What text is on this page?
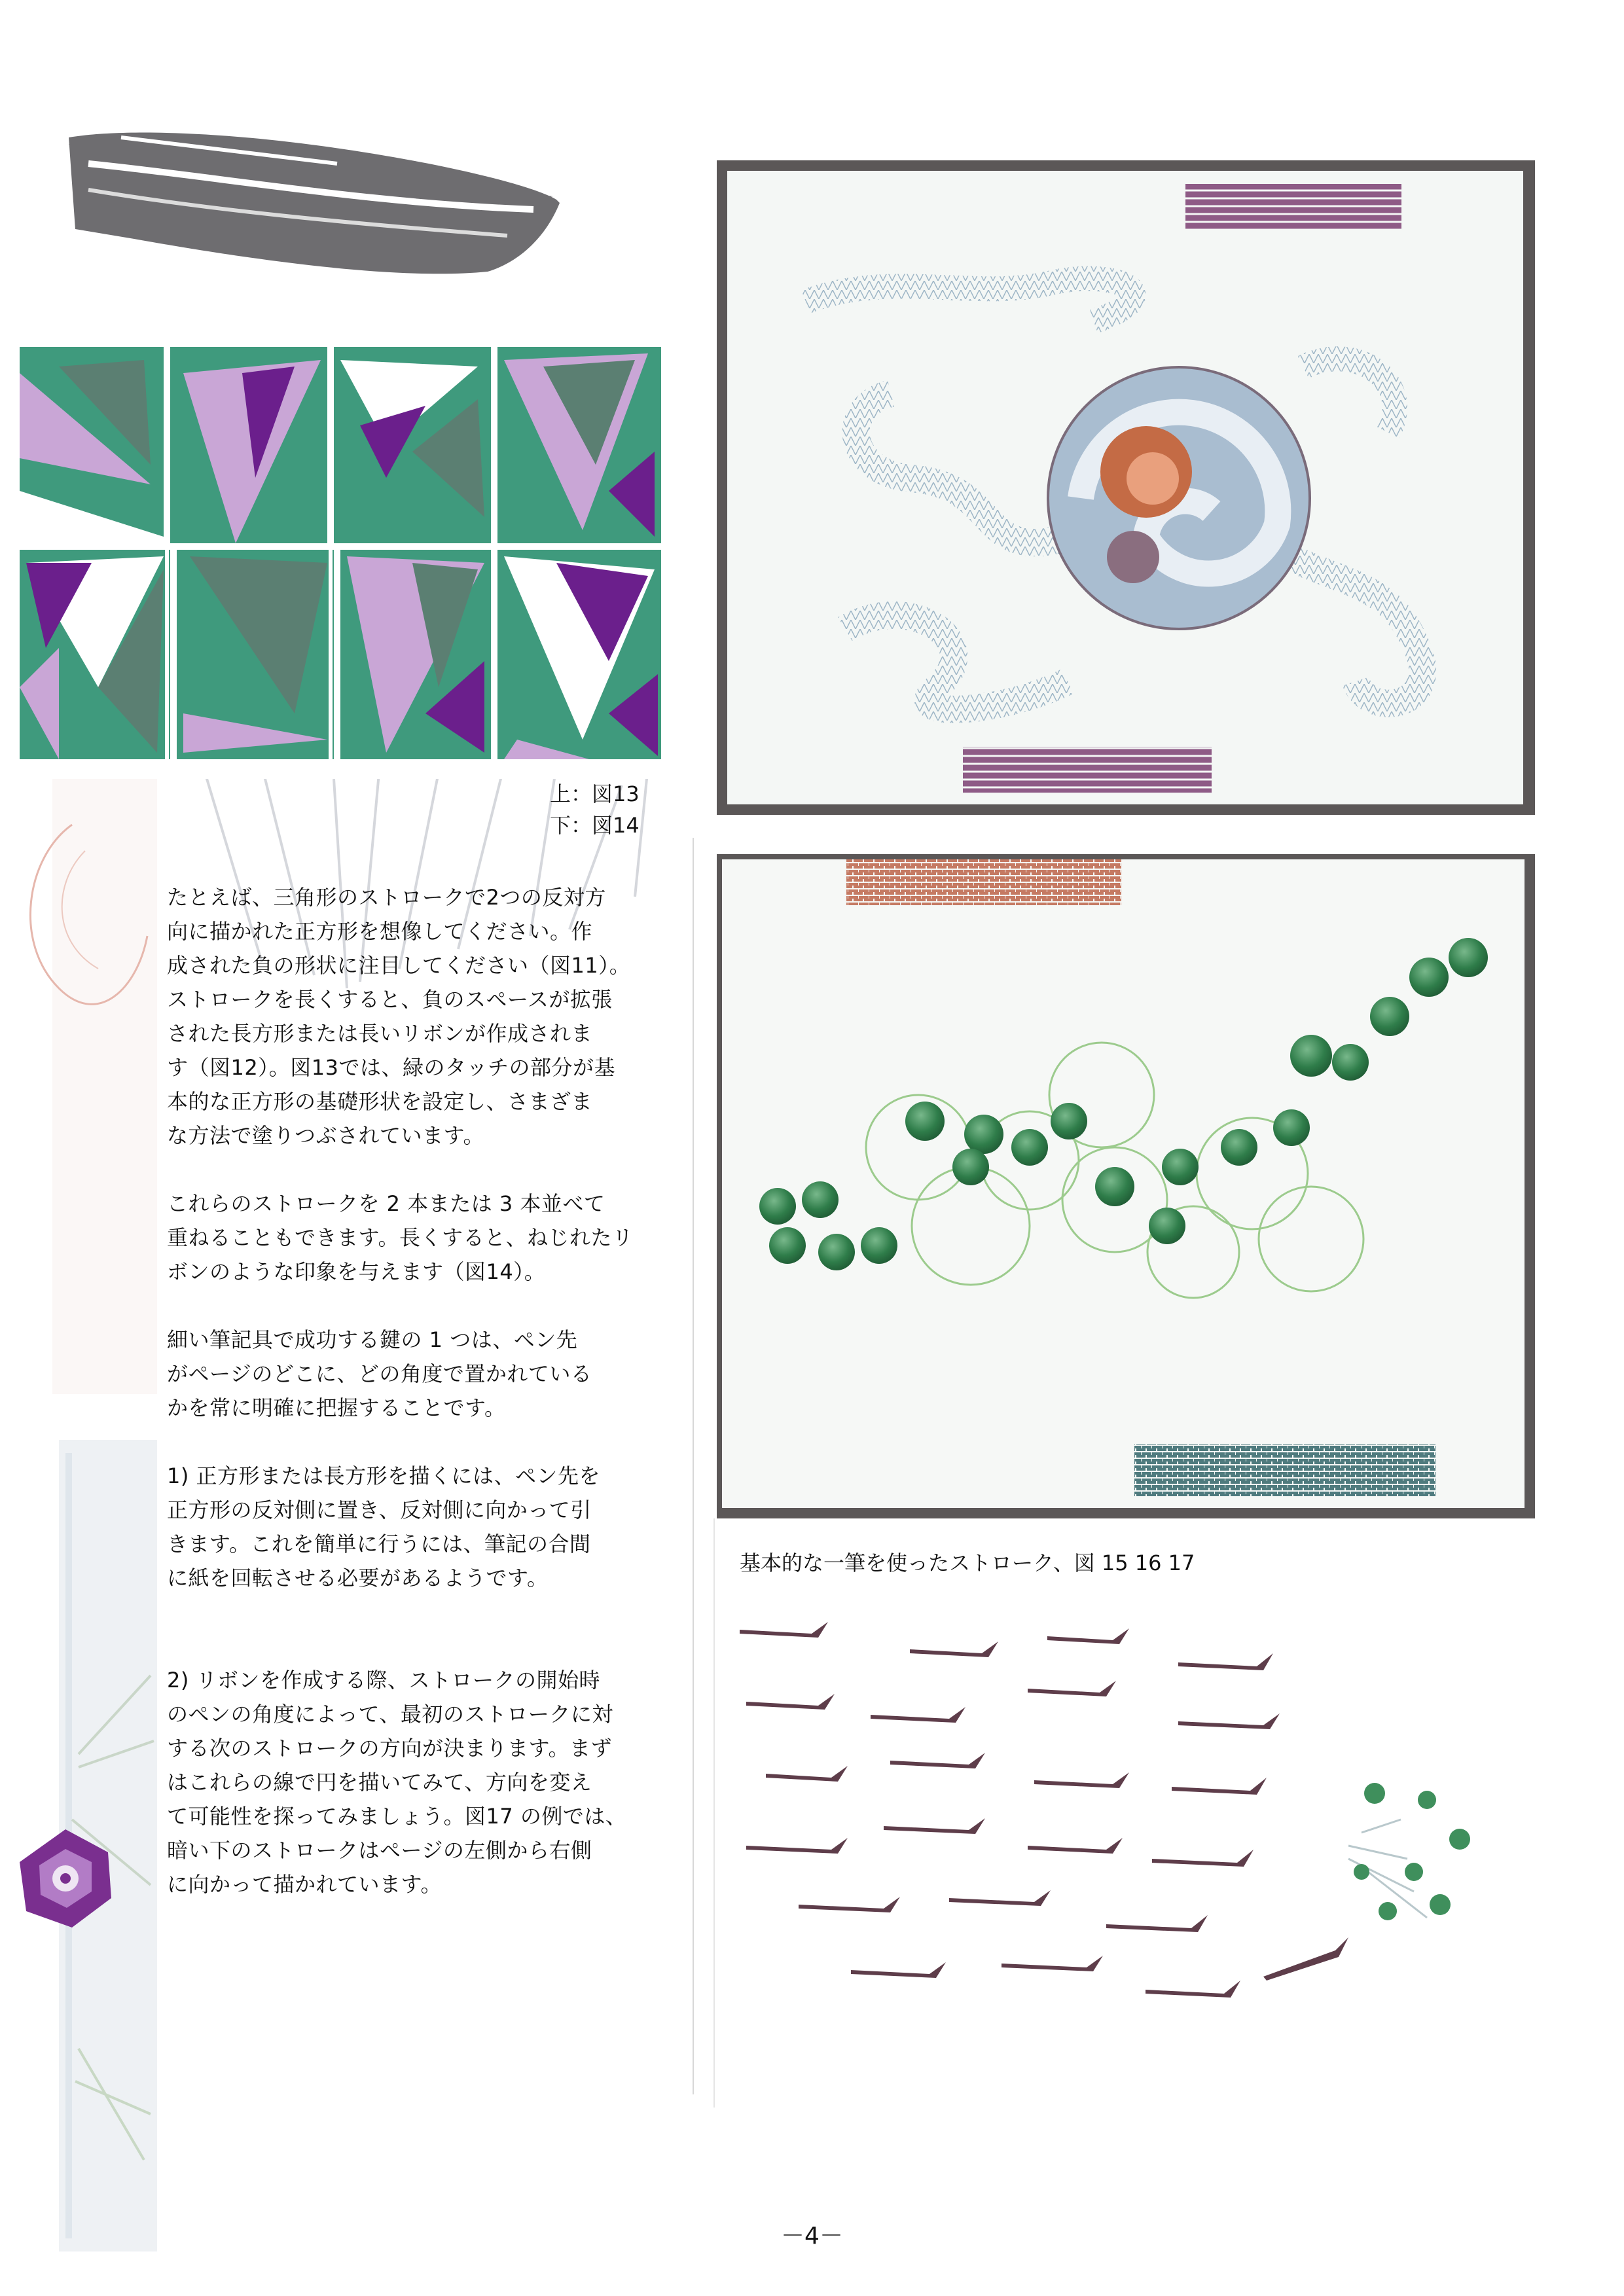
上：図13
下：図14

たとえば、三角形のストロークで2つの反対方
向に描かれた正方形を想像してください。作
成された負の形状に注目してください（図11）。
ストロークを長くすると、負のスペースが拡張
された長方形または長いリボンが作成されま
す（図12）。図13では、緑のタッチの部分が基
本的な正方形の基礎形状を設定し、さまざま
な方法で塗りつぶされています。

これらのストロークを 2 本または 3 本並べて
重ねることもできます。長くすると、ねじれたリ
ボンのような印象を与えます（図14）。

細い筆記具で成功する鍵の 1 つは、ペン先
がページのどこに、どの角度で置かれている
かを常に明確に把握することです。

1) 正方形または長方形を描くには、ペン先を
正方形の反対側に置き、反対側に向かって引
きます。これを簡単に行うには、筆記の合間
に紙を回転させる必要があるようです。

2) リボンを作成する際、ストロークの開始時
のペンの角度によって、最初のストロークに対
する次のストロークの方向が決まります。まず
はこれらの線で円を描いてみて、方向を変え
て可能性を探ってみましょう。図17 の例では、
暗い下のストロークはページの左側から右側
に向かって描かれています。

基本的な一筆を使ったストローク、図 15 16 17
－4－
